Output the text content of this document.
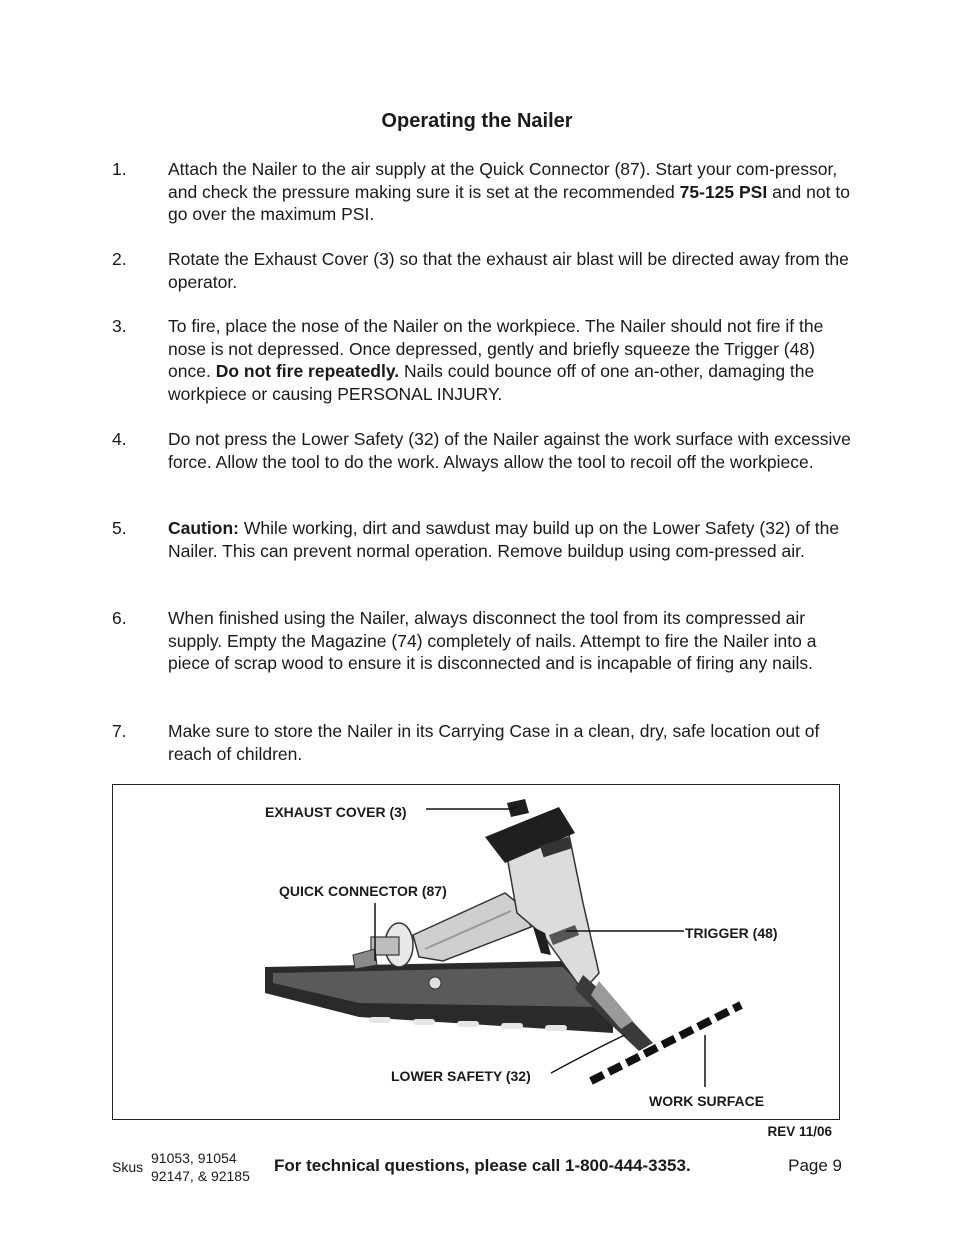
Operating the Nailer
1. Attach the Nailer to the air supply at the Quick Connector (87). Start your com-pressor, and check the pressure making sure it is set at the recommended 75-125 PSI and not to go over the maximum PSI.
2. Rotate the Exhaust Cover (3) so that the exhaust air blast will be directed away from the operator.
3. To fire, place the nose of the Nailer on the workpiece. The Nailer should not fire if the nose is not depressed. Once depressed, gently and briefly squeeze the Trigger (48) once. Do not fire repeatedly. Nails could bounce off of one an-other, damaging the workpiece or causing PERSONAL INJURY.
4. Do not press the Lower Safety (32) of the Nailer against the work surface with excessive force. Allow the tool to do the work. Always allow the tool to recoil off the workpiece.
5. Caution: While working, dirt and sawdust may build up on the Lower Safety (32) of the Nailer. This can prevent normal operation. Remove buildup using com-pressed air.
6. When finished using the Nailer, always disconnect the tool from its compressed air supply. Empty the Magazine (74) completely of nails. Attempt to fire the Nailer into a piece of scrap wood to ensure it is disconnected and is incapable of firing any nails.
7. Make sure to store the Nailer in its Carrying Case in a clean, dry, safe location out of reach of children.
EXHAUST COVER (3)
QUICK CONNECTOR (87)
TRIGGER (48)
LOWER SAFETY (32)
WORK SURFACE
REV 11/06
Skus
91053, 91054
92147, & 92185
For technical questions, please call 1-800-444-3353.	Page 9
